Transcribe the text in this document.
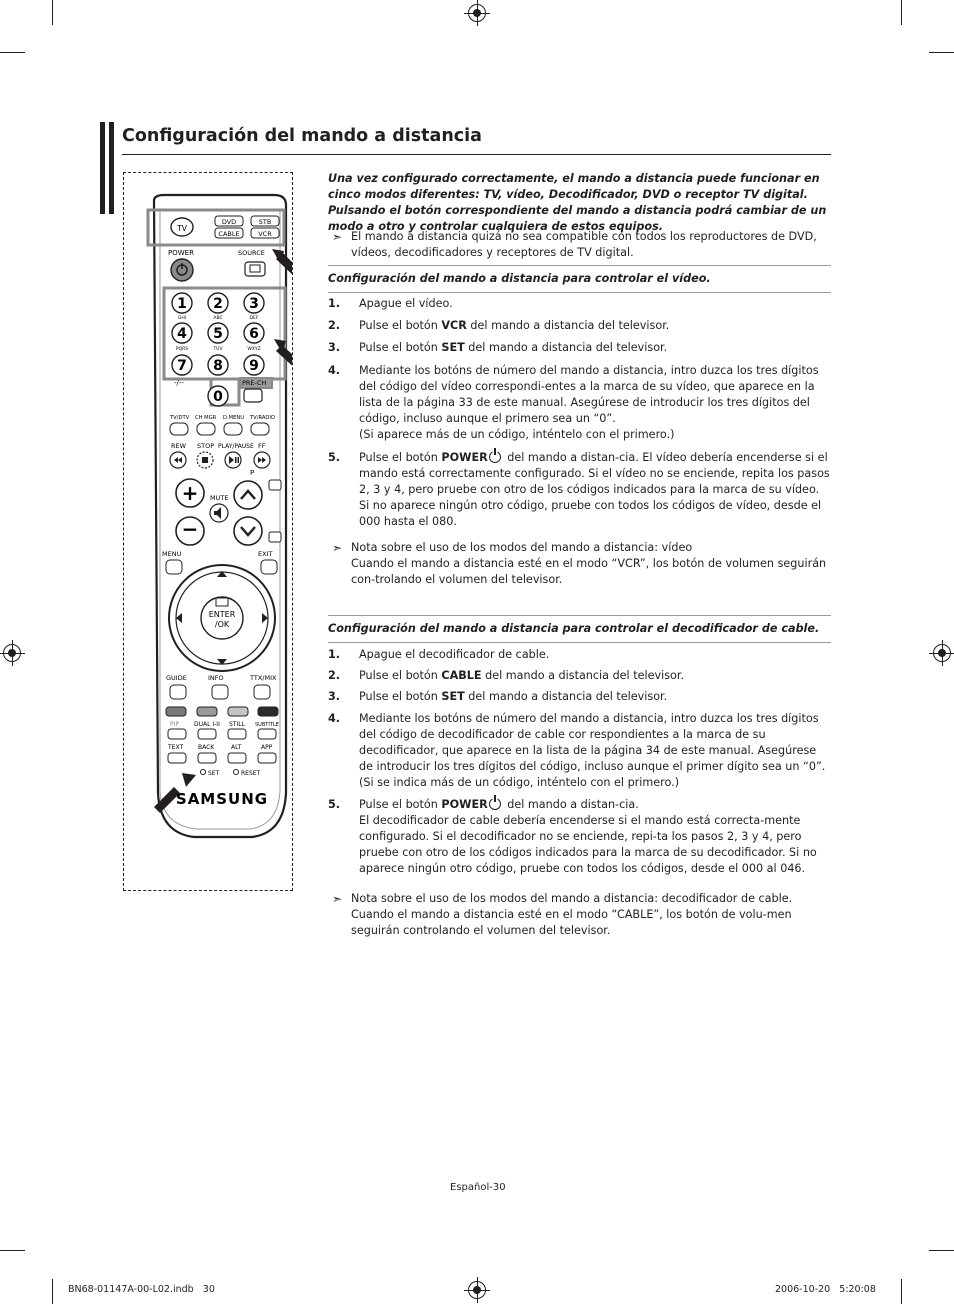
Configuración del mando a distancia
TV
DVD	STB
CABLE	VCR
POWER	SOURCE
1 2 3
ABC	DEF
GHI
4 5 6
PQRS	TUV	WXYZ
7 8 9
0
-/--	PRE-CH
TV/DTV CH MGR D.MENU TV/RADIO
REW STOP PLAY/PAUSE FF
P
+
−
MUTE
MENU	EXIT
ENTER
/OK
GUIDE	INFO	TTX/MIX
PIP DUAL I-II STILL SUBTITLE
TEXT BACK	ALT	APP
SET	RESET
SAMSUNG
Una vez configurado correctamente, el mando a distancia puede funcionar en cinco modos diferentes: TV, vídeo, Decodificador, DVD o receptor TV digital. Pulsando el botón correspondiente del mando a distancia podrá cambiar de un modo a otro y controlar cualquiera de estos equipos.
➣ El mando a distancia quizá no sea compatible con todos los reproductores de DVD, vídeos, decodificadores y receptores de TV digital.
Configuración del mando a distancia para controlar el vídeo.
1. Apague el vídeo.
2. Pulse el botón VCR del mando a distancia del televisor.
3. Pulse el botón SET del mando a distancia del televisor.
4. Mediante los botóns de número del mando a distancia, intro duzca los tres dígitos del código del vídeo correspondi-entes a la marca de su vídeo, que aparece en la lista de la página 33 de este manual. Asegúrese de introducir los tres dígitos del código, incluso aunque el primero sea un “0”.
(Si aparece más de un código, inténtelo con el primero.)
5. Pulse el botón POWER del mando a distan-cia. El vídeo debería encenderse si el mando está correctamente configurado. Si el vídeo no se enciende, repita los pasos 2, 3 y 4, pero pruebe con otro de los códigos indicados para la marca de su vídeo. Si no aparece ningún otro código, pruebe con todos los códigos de vídeo, desde el 000 hasta el 080.
➣ Nota sobre el uso de los modos del mando a distancia: vídeo
Cuando el mando a distancia esté en el modo “VCR”, los botón de volumen seguirán con-trolando el volumen del televisor.
Configuración del mando a distancia para controlar el decodificador de cable.
1. Apague el decodificador de cable.
2. Pulse el botón CABLE del mando a distancia del televisor.
3. Pulse el botón SET del mando a distancia del televisor.
4. Mediante los botóns de número del mando a distancia, intro duzca los tres dígitos del código de decodificador de cable cor respondientes a la marca de su decodificador, que aparece en la lista de la página 34 de este manual. Asegúrese de introducir los tres dígitos del código, incluso aunque el primer dígito sea un “0”.
(Si se indica más de un código, inténtelo con el primero.)
5. Pulse el botón POWER del mando a distan-cia.
El decodificador de cable debería encenderse si el mando está correcta-mente configurado. Si el decodificador no se enciende, repi-ta los pasos 2, 3 y 4, pero pruebe con otro de los códigos indicados para la marca de su decodificador. Si no aparece ningún otro código, pruebe con todos los códigos, desde el 000 al 046.
➣ Nota sobre el uso de los modos del mando a distancia: decodificador de cable.
Cuando el mando a distancia esté en el modo “CABLE”, los botón de volu-men seguirán controlando el volumen del televisor.
Español-30
BN68-01147A-00-L02.indb   30	2006-10-20   5:20:08
